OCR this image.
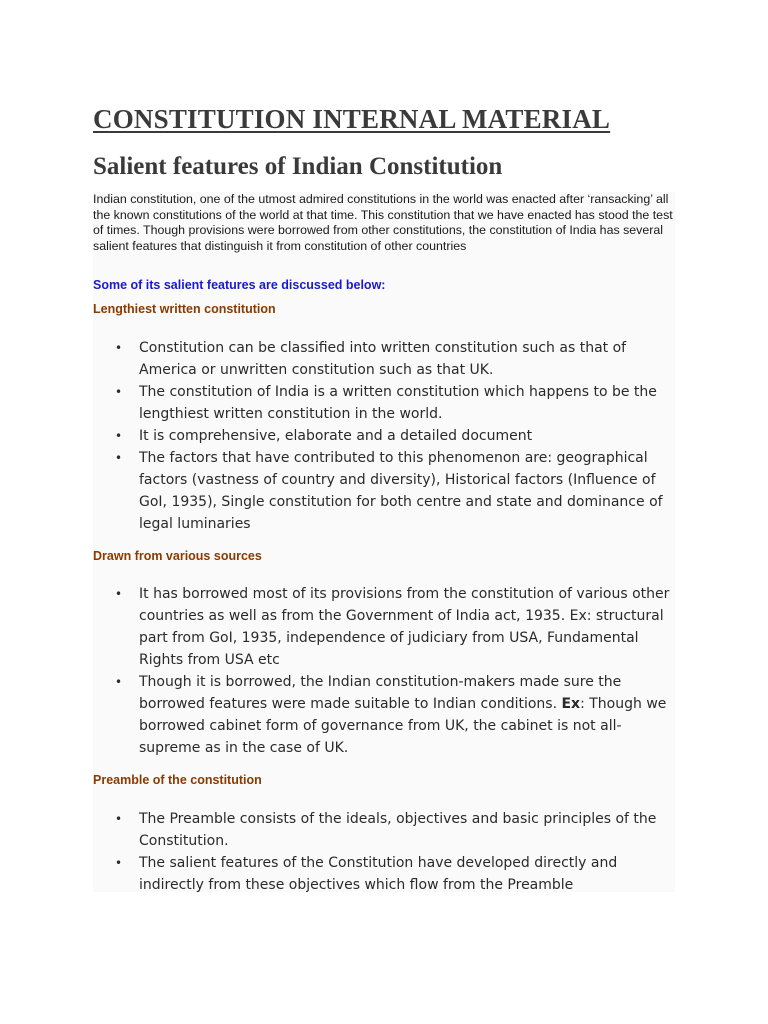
CONSTITUTION INTERNAL MATERIAL
Salient features of Indian Constitution

Indian constitution, one of the utmost admired constitutions in the world was enacted after ‘ransacking’ all the known constitutions of the world at that time. This constitution that we have enacted has stood the test of times. Though provisions were borrowed from other constitutions, the constitution of India has several salient features that distinguish it from constitution of other countries

Some of its salient features are discussed below:

Lengthiest written constitution

• Constitution can be classified into written constitution such as that of America or unwritten constitution such as that UK.
• The constitution of India is a written constitution which happens to be the lengthiest written constitution in the world.
• It is comprehensive, elaborate and a detailed document
• The factors that have contributed to this phenomenon are: geographical factors (vastness of country and diversity), Historical factors (Influence of GoI, 1935), Single constitution for both centre and state and dominance of legal luminaries

Drawn from various sources

• It has borrowed most of its provisions from the constitution of various other countries as well as from the Government of India act, 1935. Ex: structural part from GoI, 1935, independence of judiciary from USA, Fundamental Rights from USA etc
• Though it is borrowed, the Indian constitution-makers made sure the borrowed features were made suitable to Indian conditions. Ex: Though we borrowed cabinet form of governance from UK, the cabinet is not all-supreme as in the case of UK.

Preamble of the constitution

• The Preamble consists of the ideals, objectives and basic principles of the Constitution.
• The salient features of the Constitution have developed directly and indirectly from these objectives which flow from the Preamble
